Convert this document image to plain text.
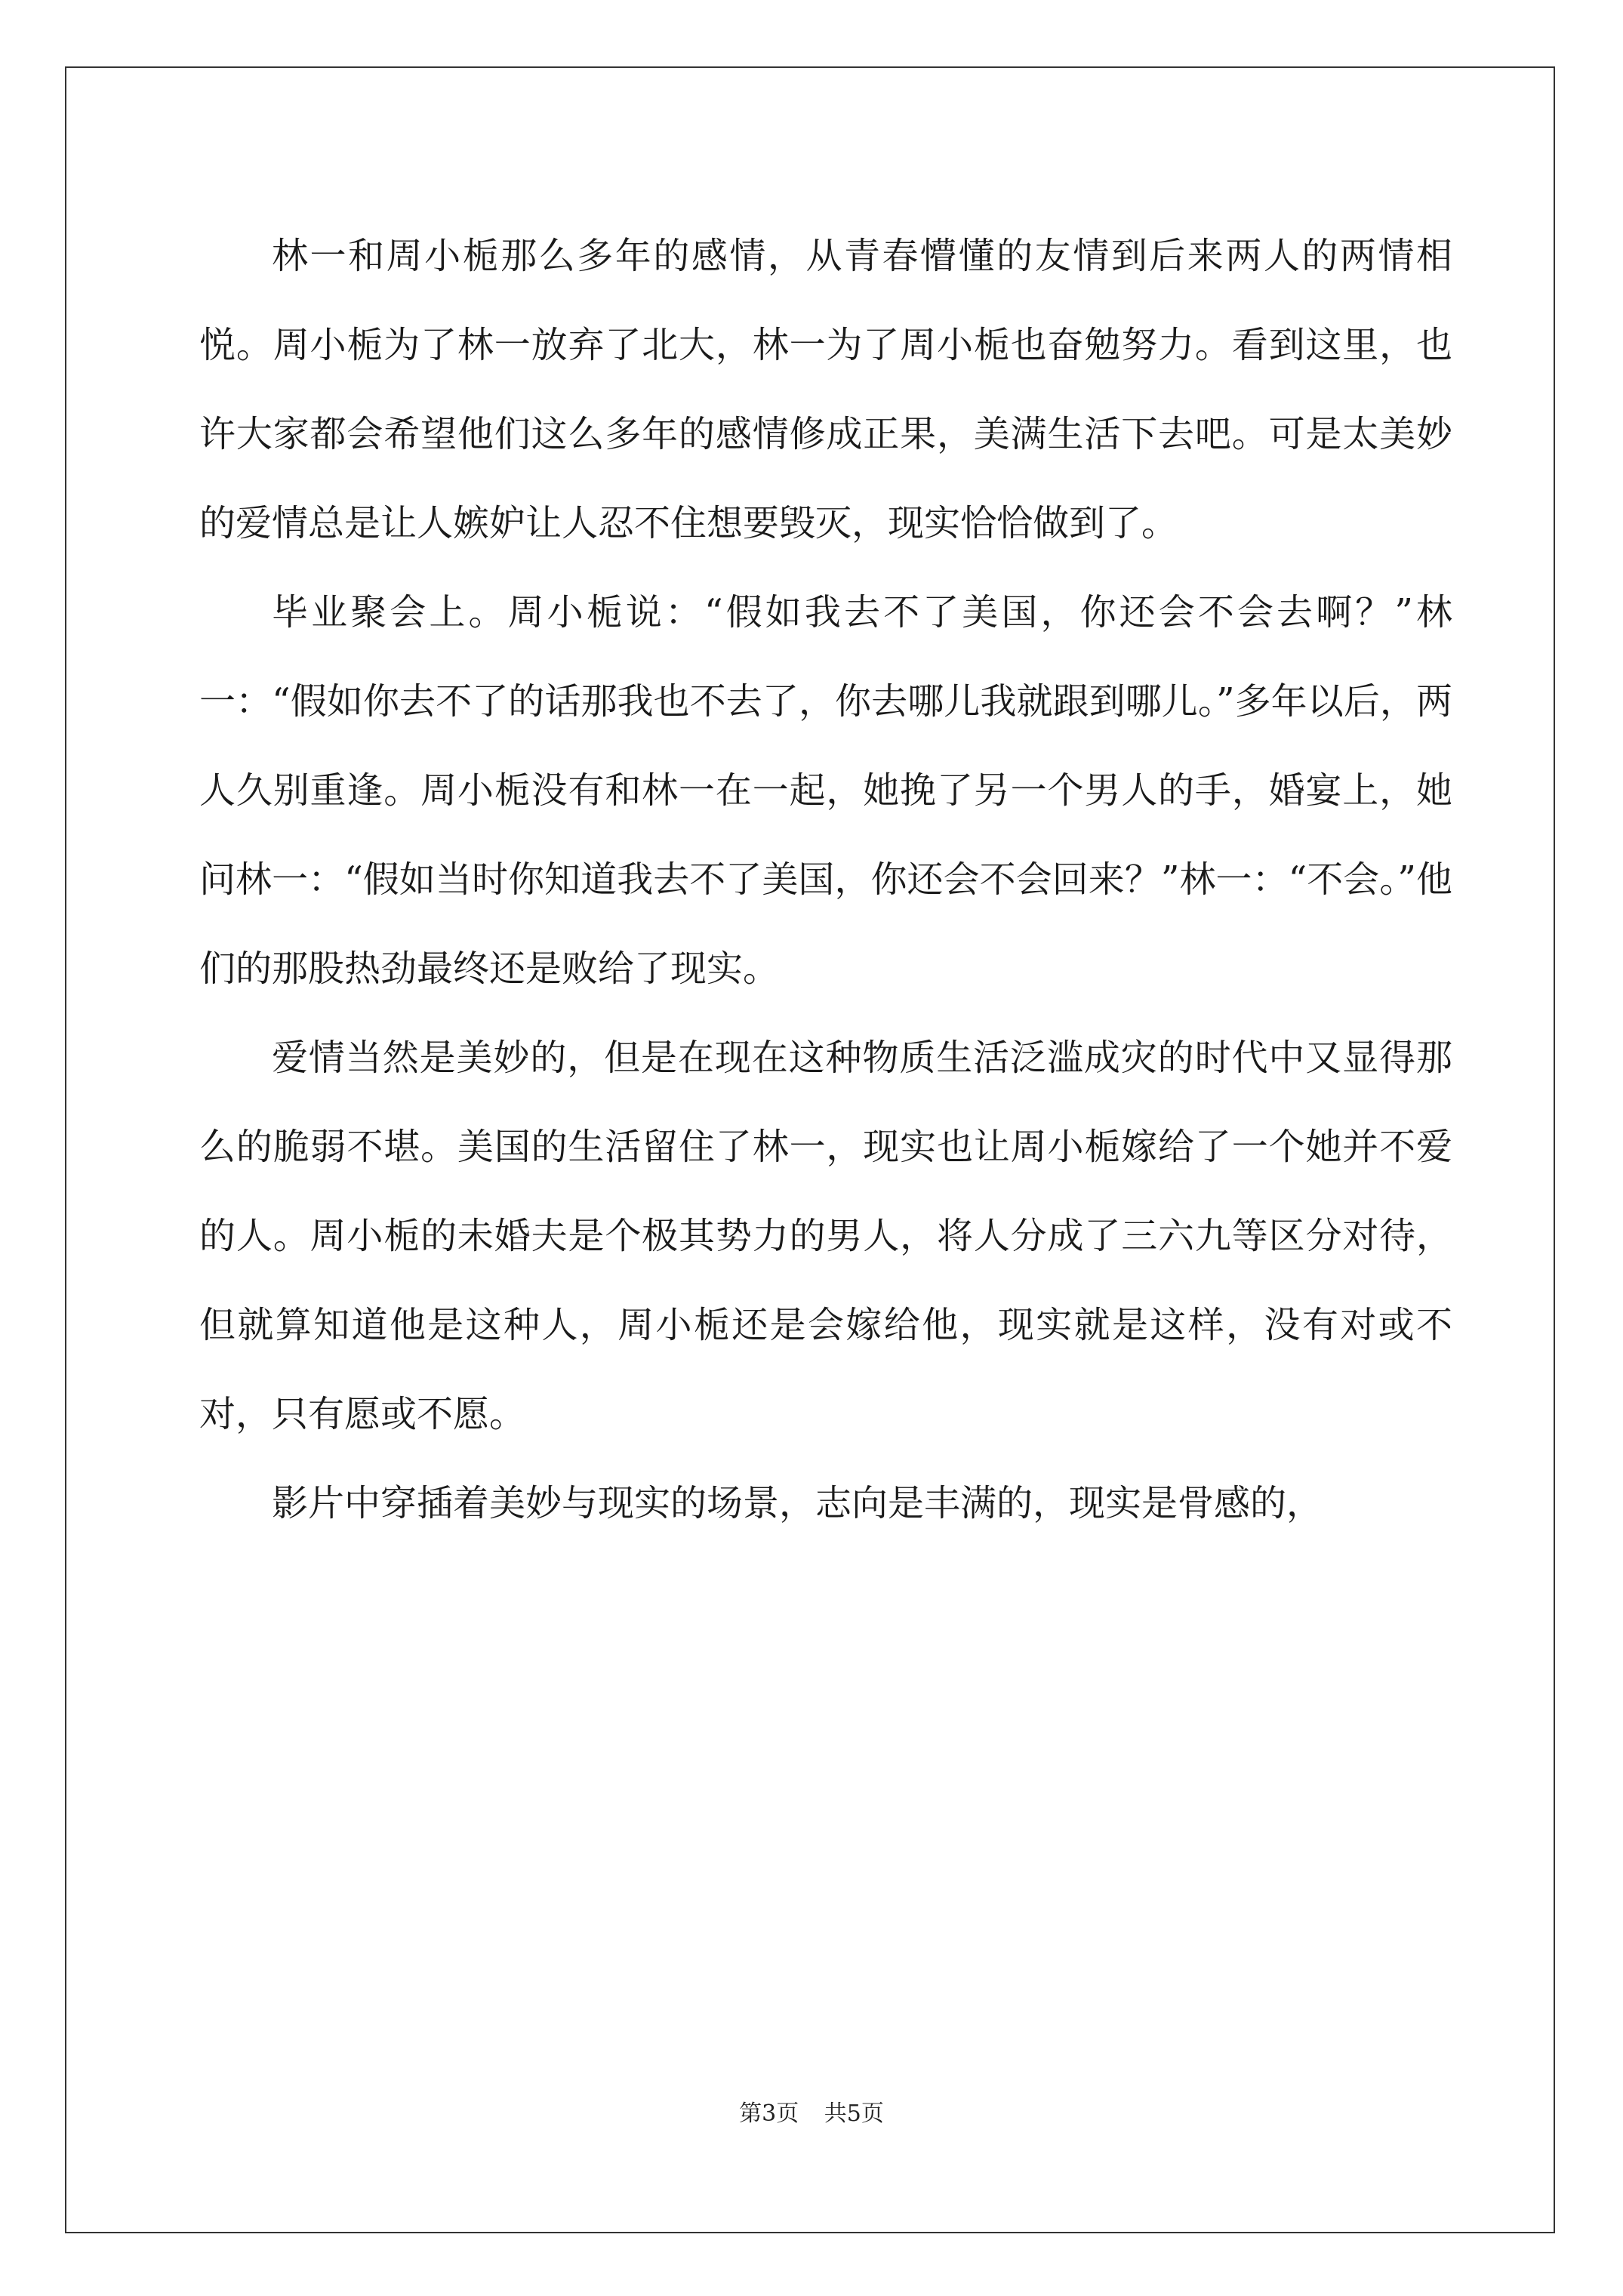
林一和周小栀那么多年的感情，从青春懵懂的友情到后来两人的两情相悦。周小栀为了林一放弃了北大，林一为了周小栀也奋勉努力。看到这里，也许大家都会希望他们这么多年的感情修成正果，美满生活下去吧。可是太美妙的爱情总是让人嫉妒让人忍不住想要毁灭，现实恰恰做到了。

毕业聚会上。周小栀说：“假如我去不了美国，你还会不会去啊？”林一：“假如你去不了的话那我也不去了，你去哪儿我就跟到哪儿。”多年以后，两人久别重逢。周小栀没有和林一在一起，她挽了另一个男人的手，婚宴上，她问林一：“假如当时你知道我去不了美国，你还会不会回来？”林一：“不会。”他们的那股热劲最终还是败给了现实。

爱情当然是美妙的，但是在现在这种物质生活泛滥成灾的时代中又显得那么的脆弱不堪。美国的生活留住了林一，现实也让周小栀嫁给了一个她并不爱的人。周小栀的未婚夫是个极其势力的男人，将人分成了三六九等区分对待，但就算知道他是这种人，周小栀还是会嫁给他，现实就是这样，没有对或不对，只有愿或不愿。

影片中穿插着美妙与现实的场景，志向是丰满的，现实是骨感的，

第3页 共5页
